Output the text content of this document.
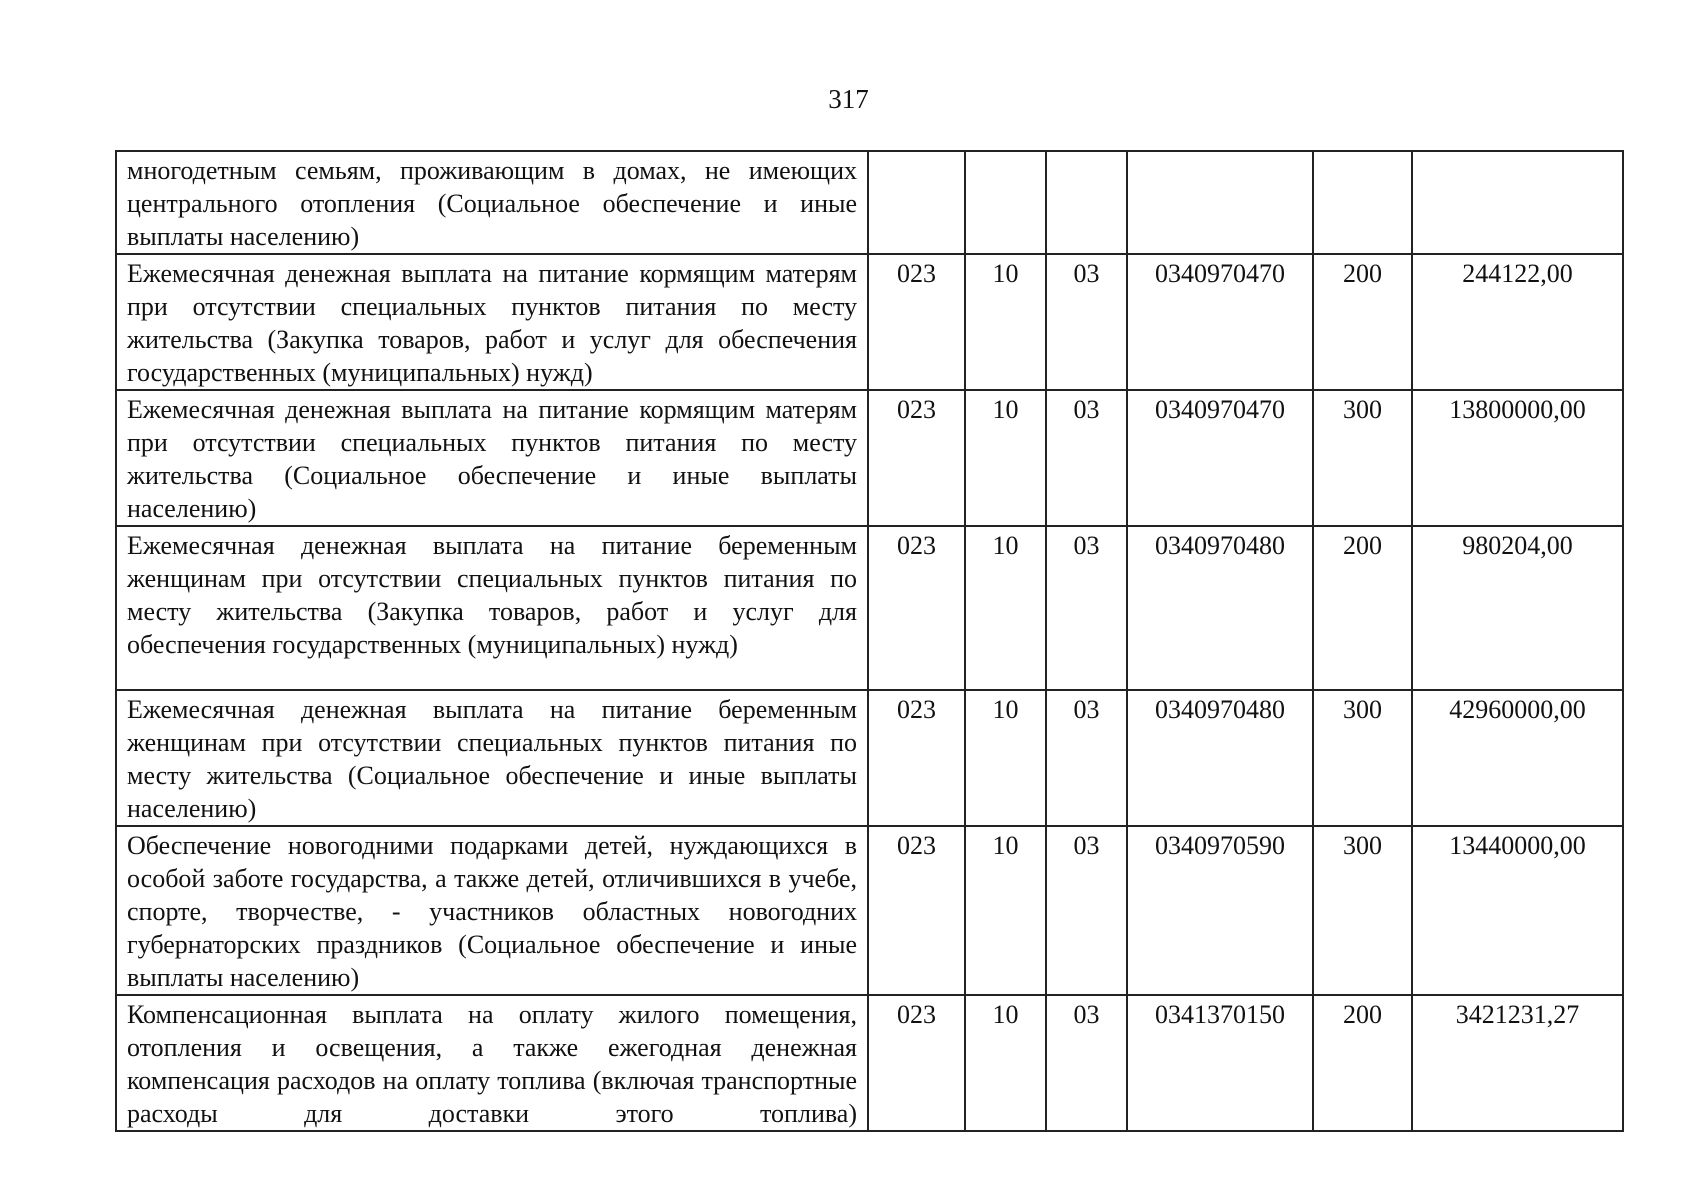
317
многодетным семьям, проживающим в домах, не имеющих центрального отопления (Социальное обеспечение и иные выплаты населению)						
Ежемесячная денежная выплата на питание кормящим матерям при отсутствии специальных пунктов питания по месту жительства (Закупка товаров, работ и услуг для обеспечения государственных (муниципальных) нужд)	023	10	03	0340970470	200	244122,00
Ежемесячная денежная выплата на питание кормящим матерям при отсутствии специальных пунктов питания по месту жительства (Социальное обеспечение и иные выплаты населению)	023	10	03	0340970470	300	13800000,00
Ежемесячная денежная выплата на питание беременным женщинам при отсутствии специальных пунктов питания по месту жительства (Закупка товаров, работ и услуг для обеспечения государственных (муниципальных) нужд)	023	10	03	0340970480	200	980204,00
Ежемесячная денежная выплата на питание беременным женщинам при отсутствии специальных пунктов питания по месту жительства (Социальное обеспечение и иные выплаты населению)	023	10	03	0340970480	300	42960000,00
Обеспечение новогодними подарками детей, нуждающихся в особой заботе государства, а также детей, отличившихся в учебе, спорте, творчестве, - участников областных новогодних губернаторских праздников (Социальное обеспечение и иные выплаты населению)	023	10	03	0340970590	300	13440000,00
Компенсационная выплата на оплату жилого помещения, отопления и освещения, а также ежегодная денежная компенсация расходов на оплату топлива (включая транспортные расходы для доставки этого топлива)	023	10	03	0341370150	200	3421231,27
